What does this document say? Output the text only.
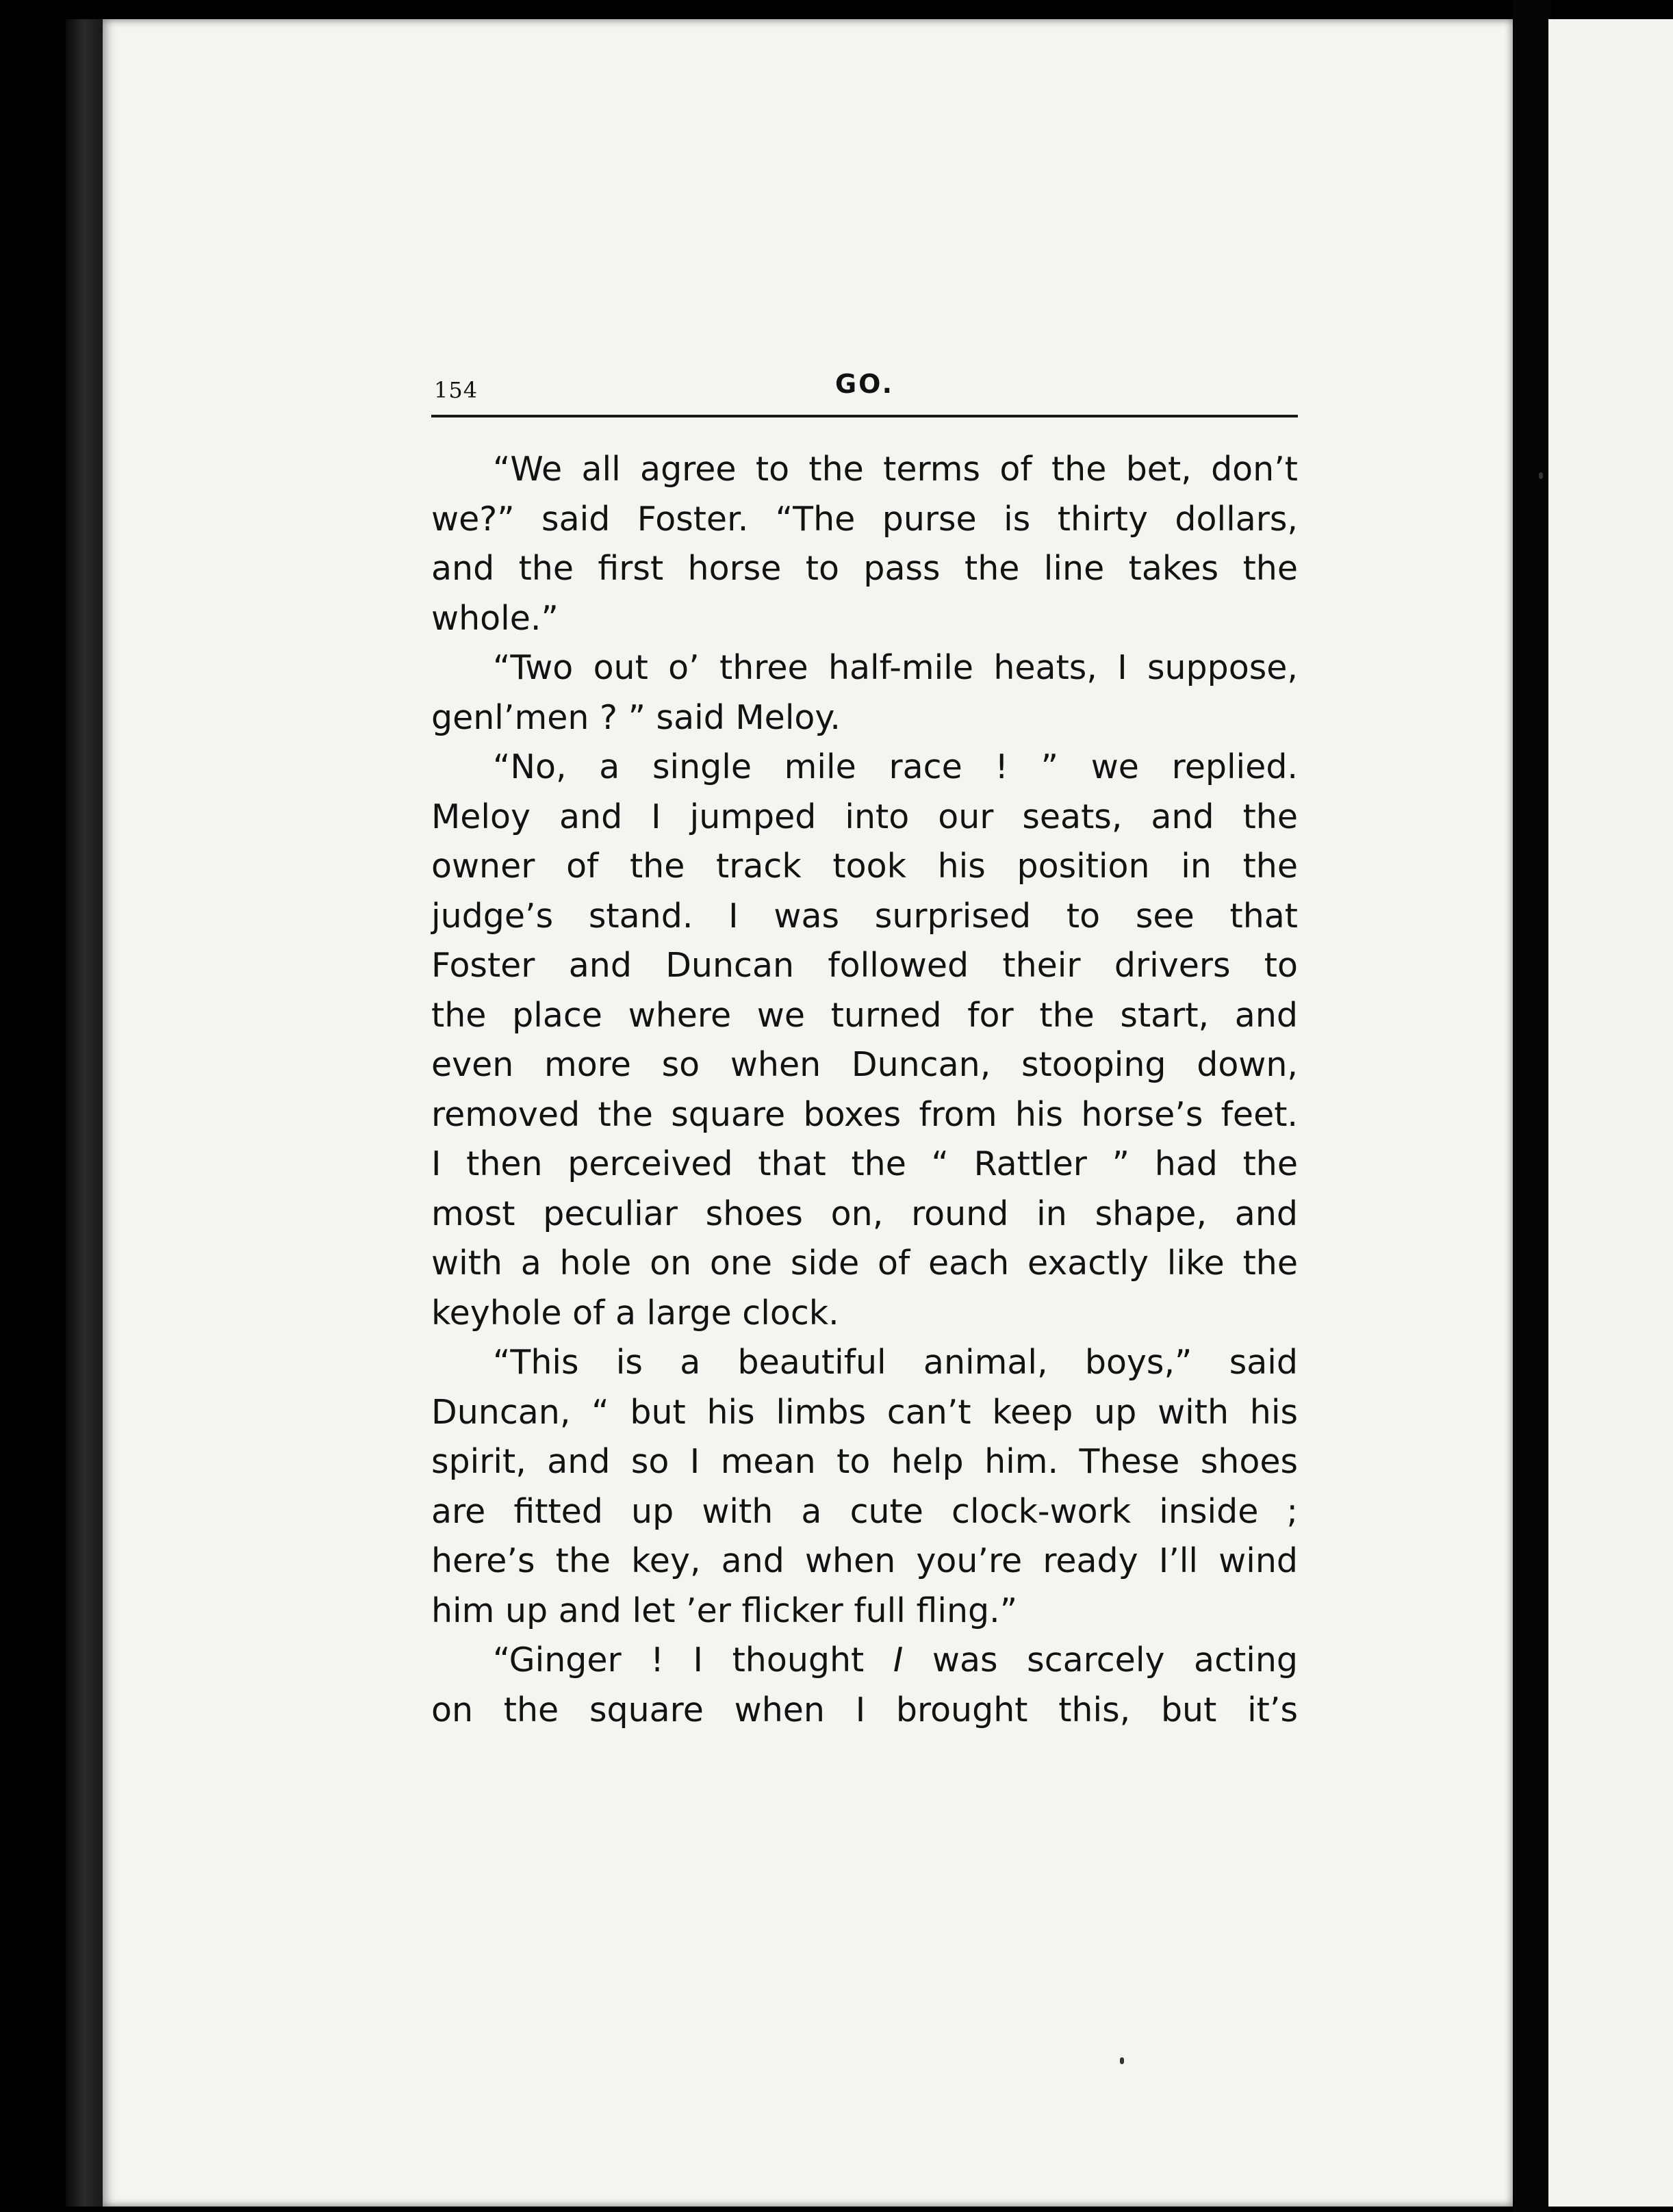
154	GO.
“We all agree to the terms of the bet, don’t
we?” said Foster. “The purse is thirty dollars,
and the first horse to pass the line takes the
whole.”
“Two out o’ three half-mile heats, I suppose,
genl’men ? ” said Meloy.
“No, a single mile race ! ” we replied.
Meloy and I jumped into our seats, and the
owner of the track took his position in the
judge’s stand. I was surprised to see that
Foster and Duncan followed their drivers to
the place where we turned for the start, and
even more so when Duncan, stooping down,
removed the square boxes from his horse’s feet.
I then perceived that the “ Rattler ” had the
most peculiar shoes on, round in shape, and
with a hole on one side of each exactly like the
keyhole of a large clock.
“This is a beautiful animal, boys,” said
Duncan, “ but his limbs can’t keep up with his
spirit, and so I mean to help him. These shoes
are fitted up with a cute clock-work inside ;
here’s the key, and when you’re ready I’ll wind
him up and let ’er flicker full fling.”
“Ginger ! I thought I was scarcely acting
on the square when I brought this, but it’s
